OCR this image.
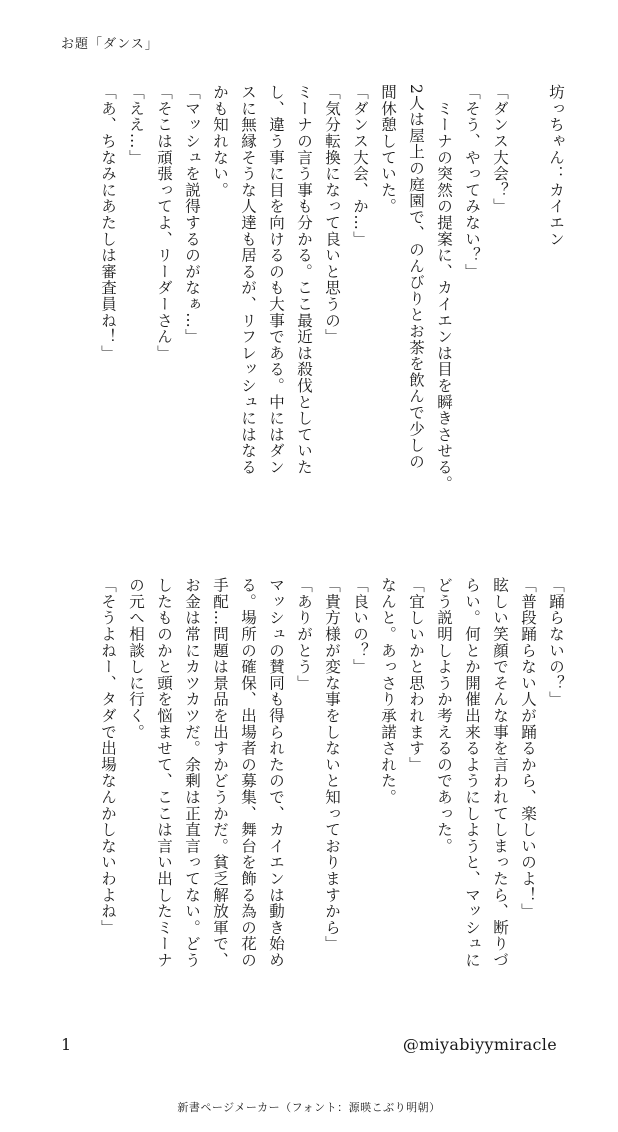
お題「ダンス」
坊っちゃん：カイエン

「ダンス大会？」
「そう、やってみない？」
　ミーナの突然の提案に、カイエンは目を瞬きさせる。
2人は屋上の庭園で、のんびりとお茶を飲んで少しの
間休憩していた。
「ダンス大会、か…」
「気分転換になって良いと思うの」
ミーナの言う事も分かる。ここ最近は殺伐としていた
し、違う事に目を向けるのも大事である。中にはダン
スに無縁そうな人達も居るが、リフレッシュにはなる
かも知れない。
「マッシュを説得するのがなぁ…」
「そこは頑張ってよ、リーダーさん」
「ええ…」
「あ、ちなみにあたしは審査員ね！」
「踊らないの？」
「普段踊らない人が踊るから、楽しいのよ！」
眩しい笑顔でそんな事を言われてしまったら、断りづ
らい。何とか開催出来るようにしようと、マッシュに
どう説明しようか考えるのであった。
「宜しいかと思われます」
なんと。あっさり承諾された。
「良いの？」
「貴方様が変な事をしないと知っておりますから」
「ありがとう」
マッシュの賛同も得られたので、カイエンは動き始め
る。場所の確保、出場者の募集、舞台を飾る為の花の
手配…問題は景品を出すかどうかだ。貧乏解放軍で、
お金は常にカツカツだ。余剰は正直言ってない。どう
したものかと頭を悩ませて、ここは言い出したミーナ
の元へ相談しに行く。
「そうよねー、タダで出場なんかしないわよね」
1	@miyabiyymiracle
新書ページメーカー（フォント：源暎こぶり明朝）
